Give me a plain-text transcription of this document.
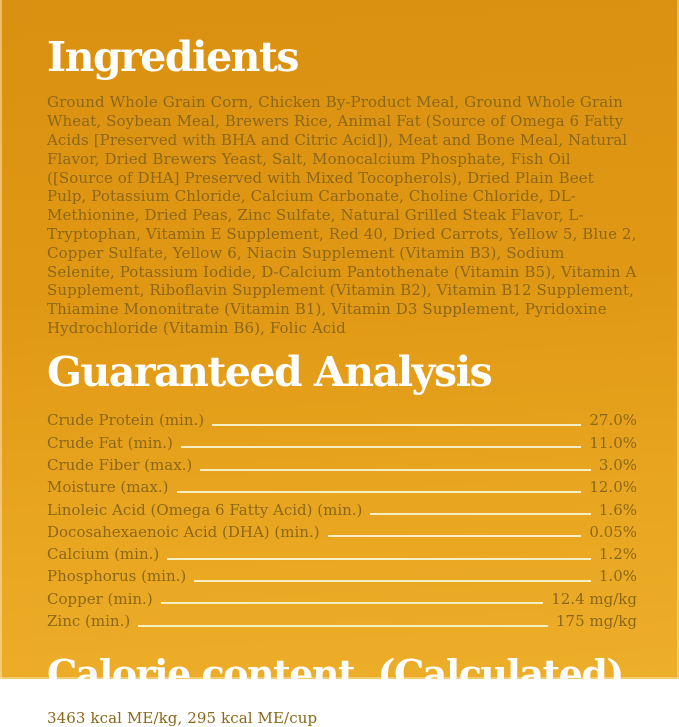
Ingredients

Ground Whole Grain Corn, Chicken By-Product Meal, Ground Whole Grain Wheat, Soybean Meal, Brewers Rice, Animal Fat (Source of Omega 6 Fatty Acids [Preserved with BHA and Citric Acid]), Meat and Bone Meal, Natural Flavor, Dried Brewers Yeast, Salt, Monocalcium Phosphate, Fish Oil ([Source of DHA] Preserved with Mixed Tocopherols), Dried Plain Beet Pulp, Potassium Chloride, Calcium Carbonate, Choline Chloride, DL-Methionine, Dried Peas, Zinc Sulfate, Natural Grilled Steak Flavor, L-Tryptophan, Vitamin E Supplement, Red 40, Dried Carrots, Yellow 5, Blue 2, Copper Sulfate, Yellow 6, Niacin Supplement (Vitamin B3), Sodium Selenite, Potassium Iodide, D-Calcium Pantothenate (Vitamin B5), Vitamin A Supplement, Riboflavin Supplement (Vitamin B2), Vitamin B12 Supplement, Thiamine Mononitrate (Vitamin B1), Vitamin D3 Supplement, Pyridoxine Hydrochloride (Vitamin B6), Folic Acid

Guaranteed Analysis
Crude Protein (min.)	27.0%
Crude Fat (min.)	11.0%
Crude Fiber (max.)	3.0%
Moisture (max.)	12.0%
Linoleic Acid (Omega 6 Fatty Acid) (min.)	1.6%
Docosahexaenoic Acid (DHA) (min.)	0.05%
Calcium (min.)	1.2%
Phosphorus (min.)	1.0%
Copper (min.)	12.4 mg/kg
Zinc (min.)	175 mg/kg
Calorie content  (Calculated)

3463 kcal ME/kg, 295 kcal ME/cup
